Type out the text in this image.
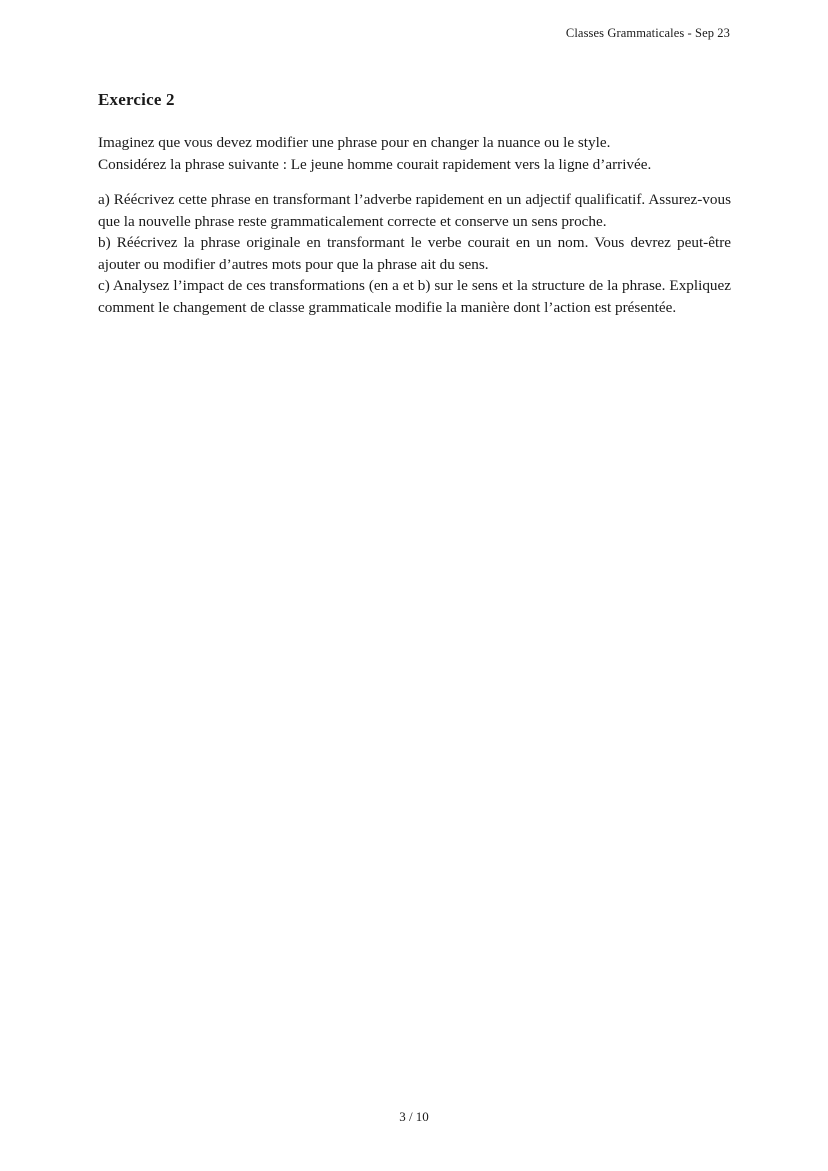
Classes Grammaticales - Sep 23
Exercice 2

Imaginez que vous devez modifier une phrase pour en changer la nuance ou le style.
Considérez la phrase suivante : Le jeune homme courait rapidement vers la ligne d’arrivée.

a) Réécrivez cette phrase en transformant l’adverbe rapidement en un adjectif qualificatif. Assurez-vous que la nouvelle phrase reste grammaticalement correcte et conserve un sens proche.

b) Réécrivez la phrase originale en transformant le verbe courait en un nom. Vous devrez peut-être ajouter ou modifier d’autres mots pour que la phrase ait du sens.

c) Analysez l’impact de ces transformations (en a et b) sur le sens et la structure de la phrase. Expliquez comment le changement de classe grammaticale modifie la manière dont l’action est présentée.

3 / 10
